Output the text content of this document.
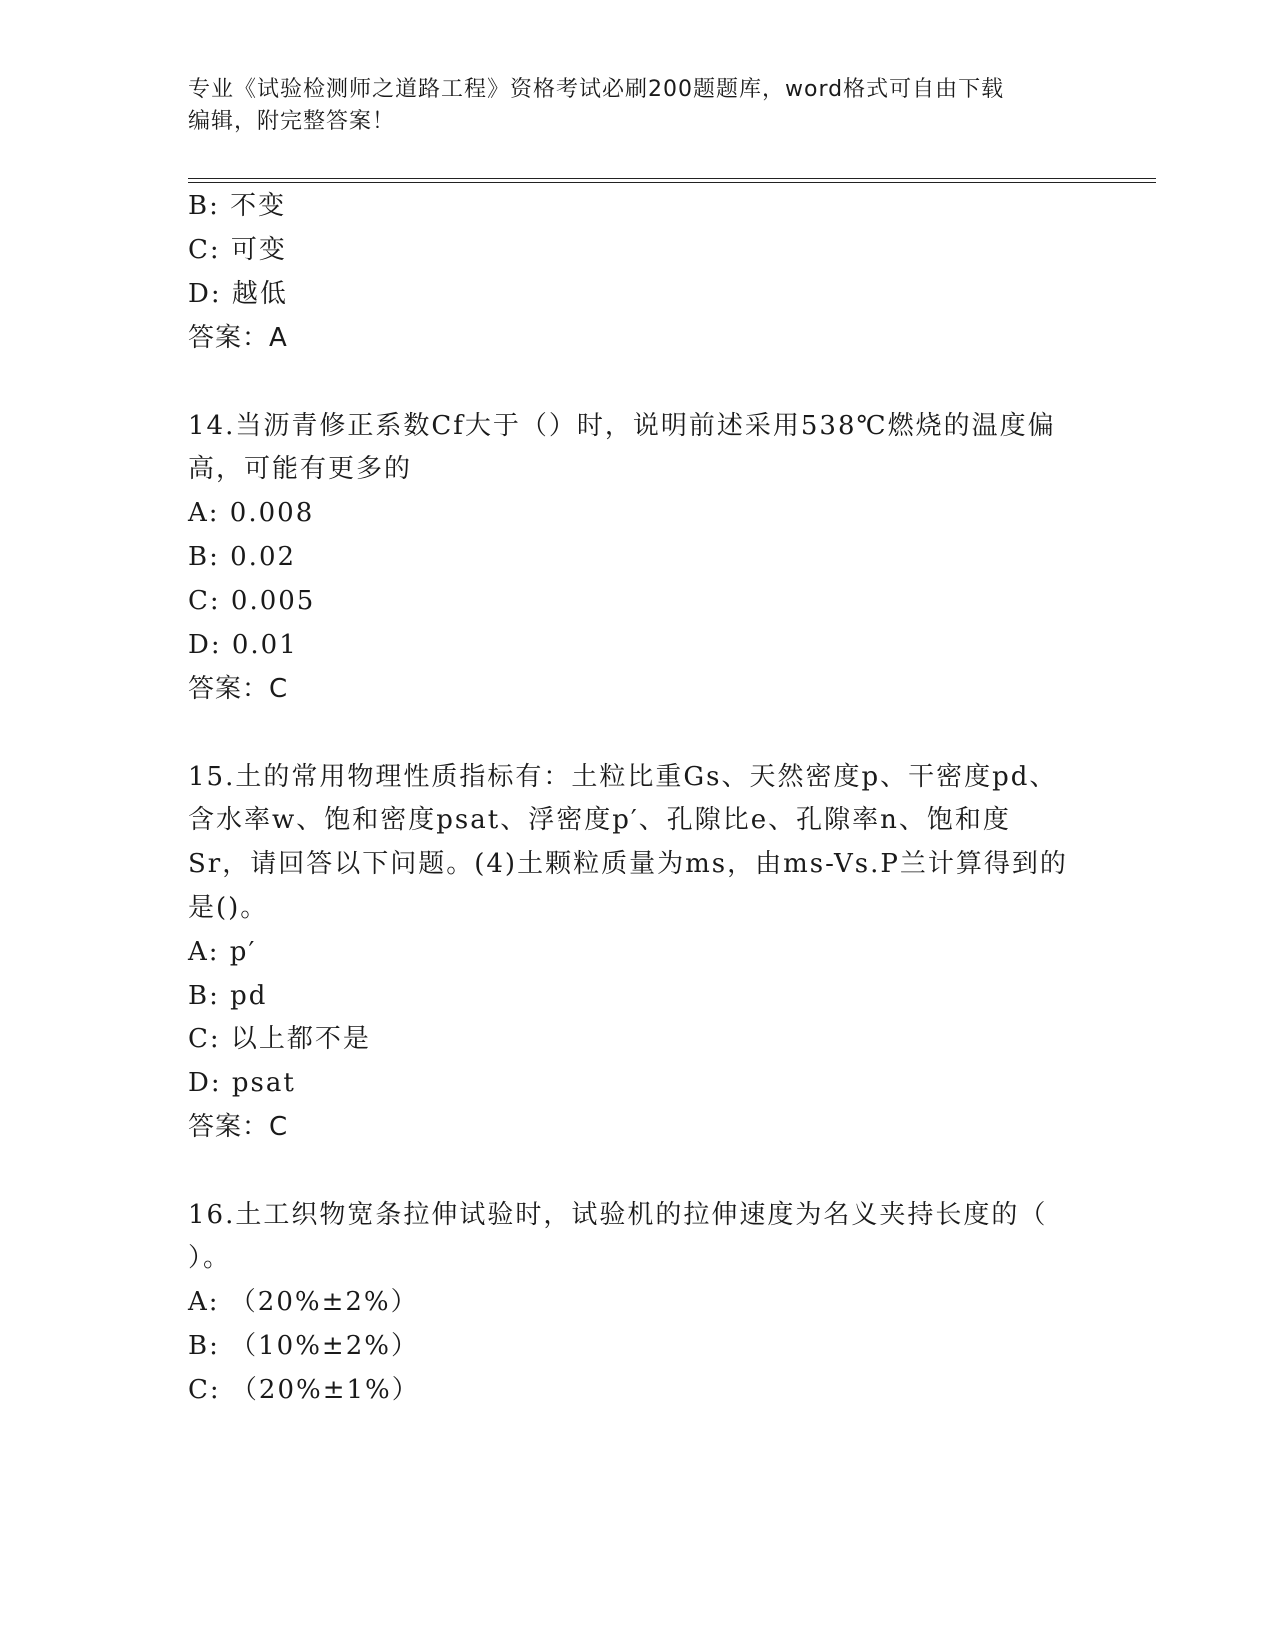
专业《试验检测师之道路工程》资格考试必刷200题题库，word格式可自由下载
编辑，附完整答案！
B: 不变
C: 可变
D: 越低
答案：A
14.当沥青修正系数Cf大于（）时，说明前述采用538℃燃烧的温度偏
高，可能有更多的
A: 0.008
B: 0.02
C: 0.005
D: 0.01
答案：C
15.土的常用物理性质指标有：土粒比重Gs、天然密度p、干密度pd、
含水率w、饱和密度psat、浮密度p′、孔隙比e、孔隙率n、饱和度
Sr，请回答以下问题。(4)土颗粒质量为ms，由ms-Vs.P兰计算得到的
是()。
A: p′
B: pd
C: 以上都不是
D: psat
答案：C
16.土工织物宽条拉伸试验时，试验机的拉伸速度为名义夹持长度的（
）。
A: （20%±2%）
B: （10%±2%）
C: （20%±1%）
